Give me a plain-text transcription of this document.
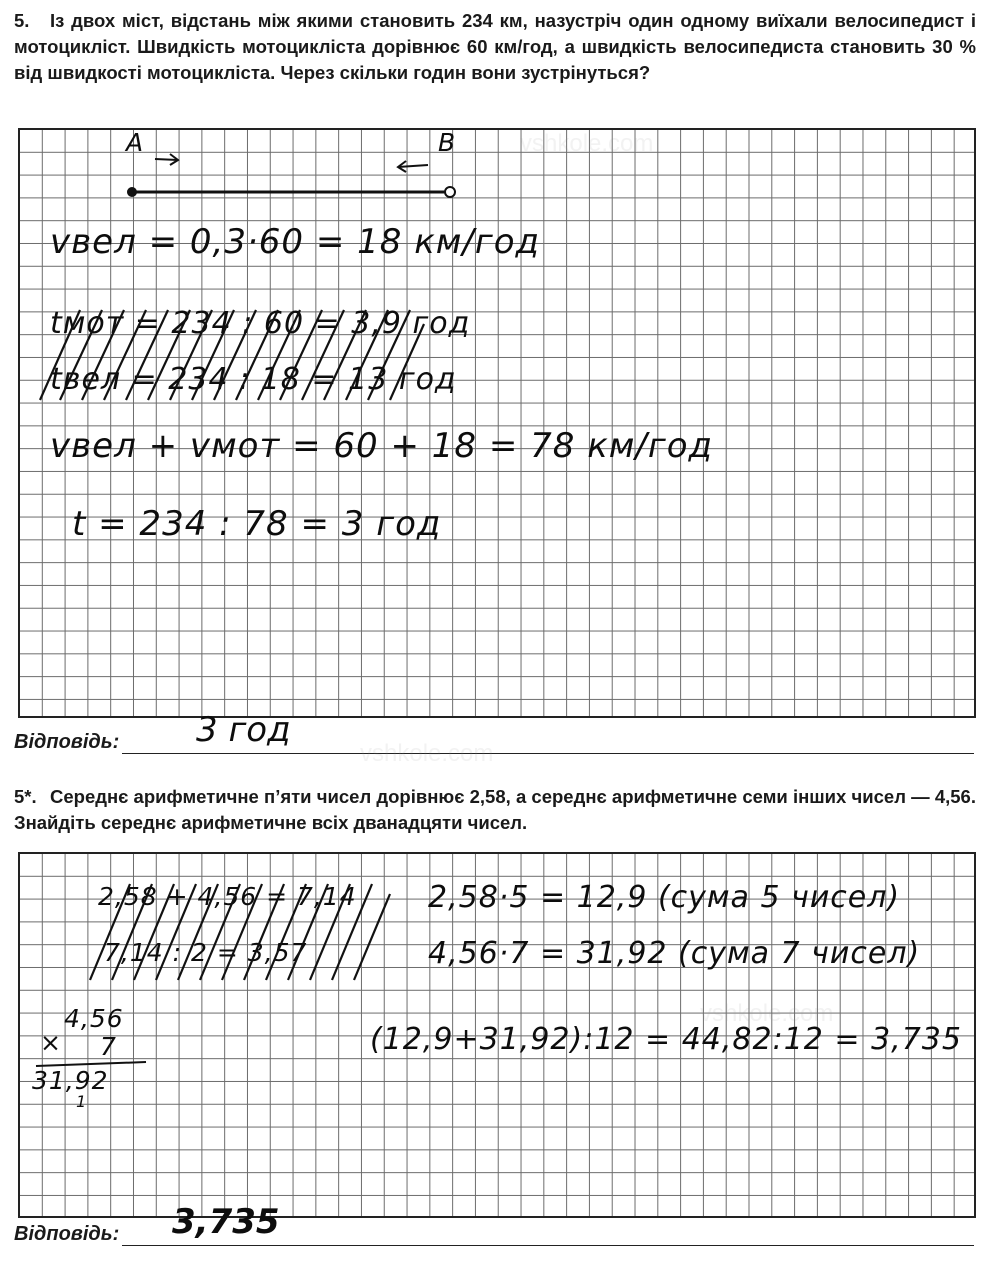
5. Із двох міст, відстань між якими становить 234 км, назустріч один одному виїхали велосипедист і мотоцикліст. Швидкість мотоцикліста дорівнює 60 км/год, а швидкість велосипедиста становить 30 % від швидкості мотоцикліста. Через скільки годин вони зустрінуться?
A	B
vвел = 0,3·60 = 18 км/год
tмот = 234 : 60 = 3,9 год
tвел = 234 : 18 = 13 год
vвел + vмот = 60 + 18 = 78 км/год
t = 234 : 78 = 3 год
Відповідь: 3 год
5*. Середнє арифметичне п’яти чисел дорівнює 2,58, а середнє арифметичне семи інших чисел — 4,56. Знайдіть середнє арифметичне всіх дванадцяти чисел.
2,58 + 4,56 = 7,14
7,14 : 2 = 3,57
2,58·5 = 12,9 (сума 5 чисел)
4,56·7 = 31,92 (сума 7 чисел)
(12,9+31,92):12 = 44,82:12 = 3,735
4,56
× 7
31,92
1
Відповідь: 3,735
vshkole.com
